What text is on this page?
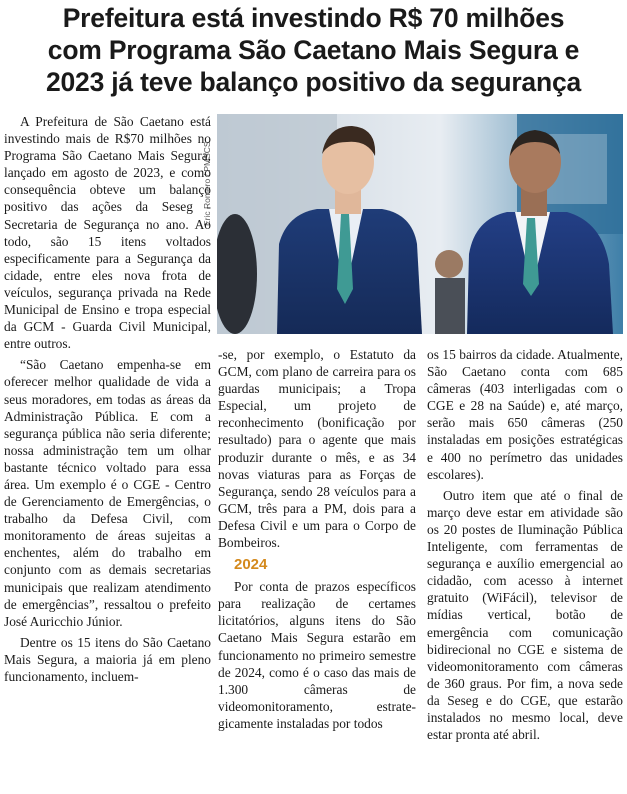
Prefeitura está investindo R$ 70 milhões
com Programa São Caetano Mais Segura e
2023 já teve balanço positivo da segurança
Eric Romero / PMSCS

A Prefeitura de São Caetano está investindo mais de R$70 milhões no Programa São Caetano Mais Segura, lançado em agosto de 2023, e como consequência obteve um balanço positivo das ações da Seseg - Secretaria de Segurança no ano. Ao todo, são 15 itens voltados especificamente para a Segurança da cidade, entre eles nova frota de veículos, segurança privada na Rede Municipal de Ensino e tropa especial da GCM - Guarda Civil Municipal, entre outros.

“São Caetano empenha-se em oferecer melhor qualidade de vida a seus moradores, em todas as áreas da Administração Pública. E com a segurança pública não seria diferente; nossa administração tem um olhar bastante técnico voltado para essa área. Um exemplo é o CGE - Centro de Gerenciamento de Emergências, o trabalho da Defesa Civil, com monitoramento de áreas sujeitas a enchentes, além do trabalho em conjunto com as demais secretarias municipais que realizam atendimento de emergências”, ressaltou o prefeito José Auricchio Júnior.

Dentre os 15 itens do São Caetano Mais Segura, a maioria já em pleno funcionamento, incluem-

-se, por exemplo, o Estatuto da GCM, com plano de carreira para os guardas municipais; a Tropa Especial, um projeto de reconhecimento (bonificação por resultado) para o agente que mais produzir durante o mês, e as 34 novas viaturas para as Forças de Segurança, sendo 28 veículos para a GCM, três para a PM, dois para a Defesa Civil e um para o Corpo de Bombeiros.

2024

Por conta de prazos específicos para realização de certames licitatórios, alguns itens do São Caetano Mais Segura estarão em funcionamento no primeiro semestre de 2024, como é o caso das mais de 1.300 câmeras de videomonitoramento, estrategicamente instaladas por todos

os 15 bairros da cidade. Atualmente, São Caetano conta com 685 câmeras (403 interligadas com o CGE e 28 na Saúde) e, até março, serão mais 650 câmeras (250 instaladas em posições estratégicas e 400 no perímetro das unidades escolares).

Outro item que até o final de março deve estar em atividade são os 20 postes de Iluminação Pública Inteligente, com ferramentas de segurança e auxílio emergencial ao cidadão, com acesso à internet gratuito (WiFácil), televisor de mídias vertical, botão de emergência com comunicação bidirecional no CGE e sistema de videomonitoramento com câmeras de 360 graus. Por fim, a nova sede da Seseg e do CGE, que estarão instalados no mesmo local, deve estar pronta até abril.
